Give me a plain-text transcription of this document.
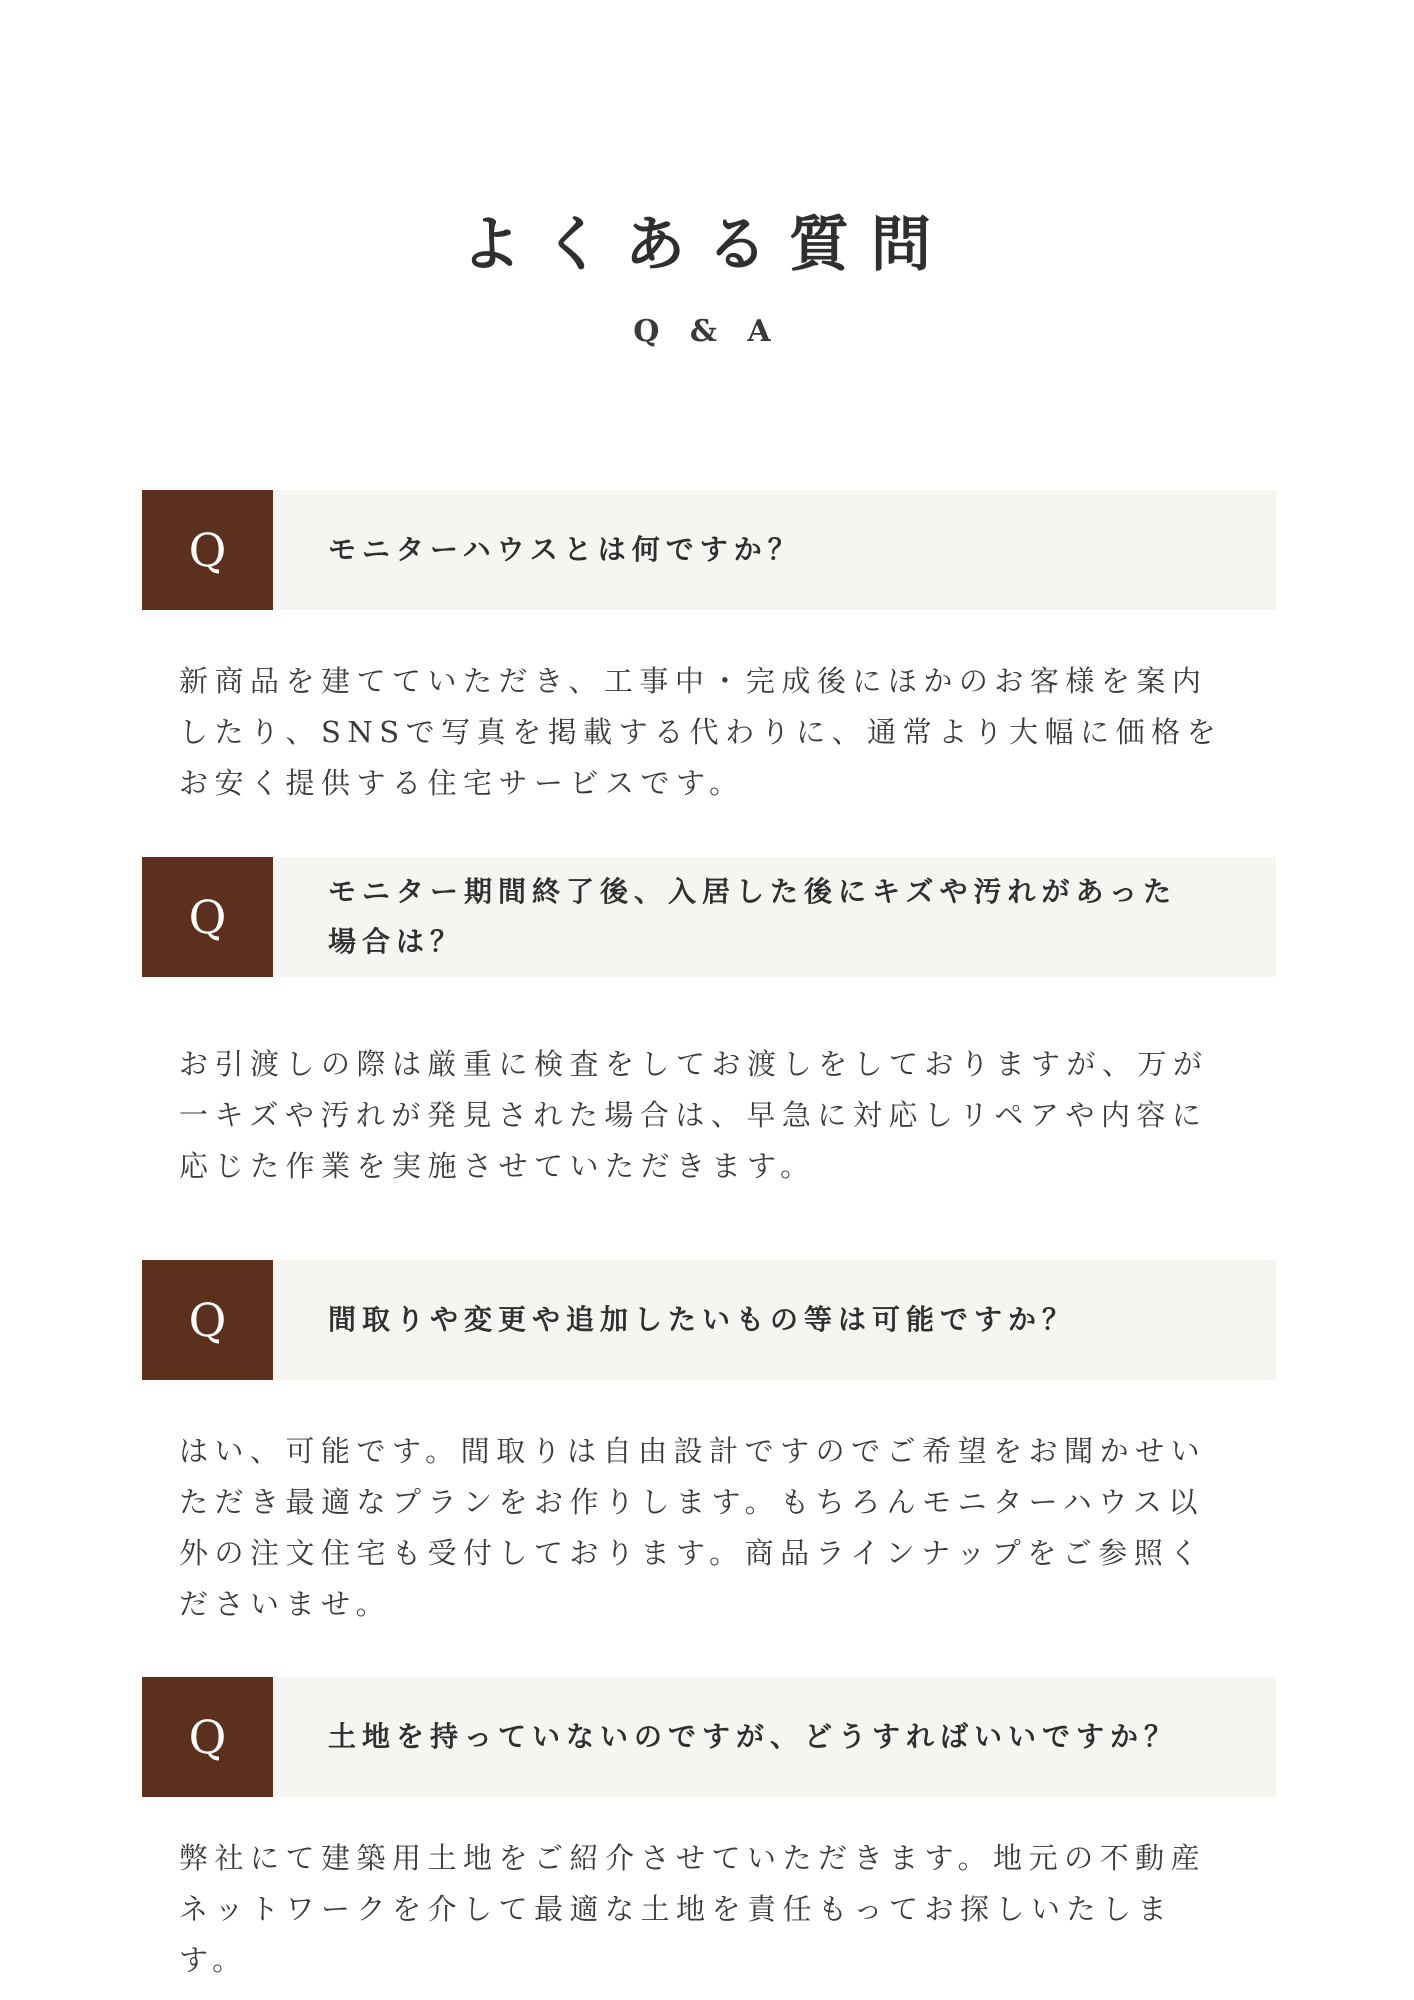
よくある質問
Q & A
Q	モニターハウスとは何ですか？
新商品を建てていただき、工事中・完成後にほかのお客様を案内したり、SNSで写真を掲載する代わりに、通常より大幅に価格をお安く提供する住宅サービスです。
Q	モニター期間終了後、入居した後にキズや汚れがあった場合は？
お引渡しの際は厳重に検査をしてお渡しをしておりますが、万が一キズや汚れが発見された場合は、早急に対応しリペアや内容に応じた作業を実施させていただきます。
Q	間取りや変更や追加したいもの等は可能ですか？
はい、可能です。間取りは自由設計ですのでご希望をお聞かせいただき最適なプランをお作りします。もちろんモニターハウス以外の注文住宅も受付しております。商品ラインナップをご参照くださいませ。
Q	土地を持っていないのですが、どうすればいいですか？
弊社にて建築用土地をご紹介させていただきます。地元の不動産ネットワークを介して最適な土地を責任もってお探しいたします。
